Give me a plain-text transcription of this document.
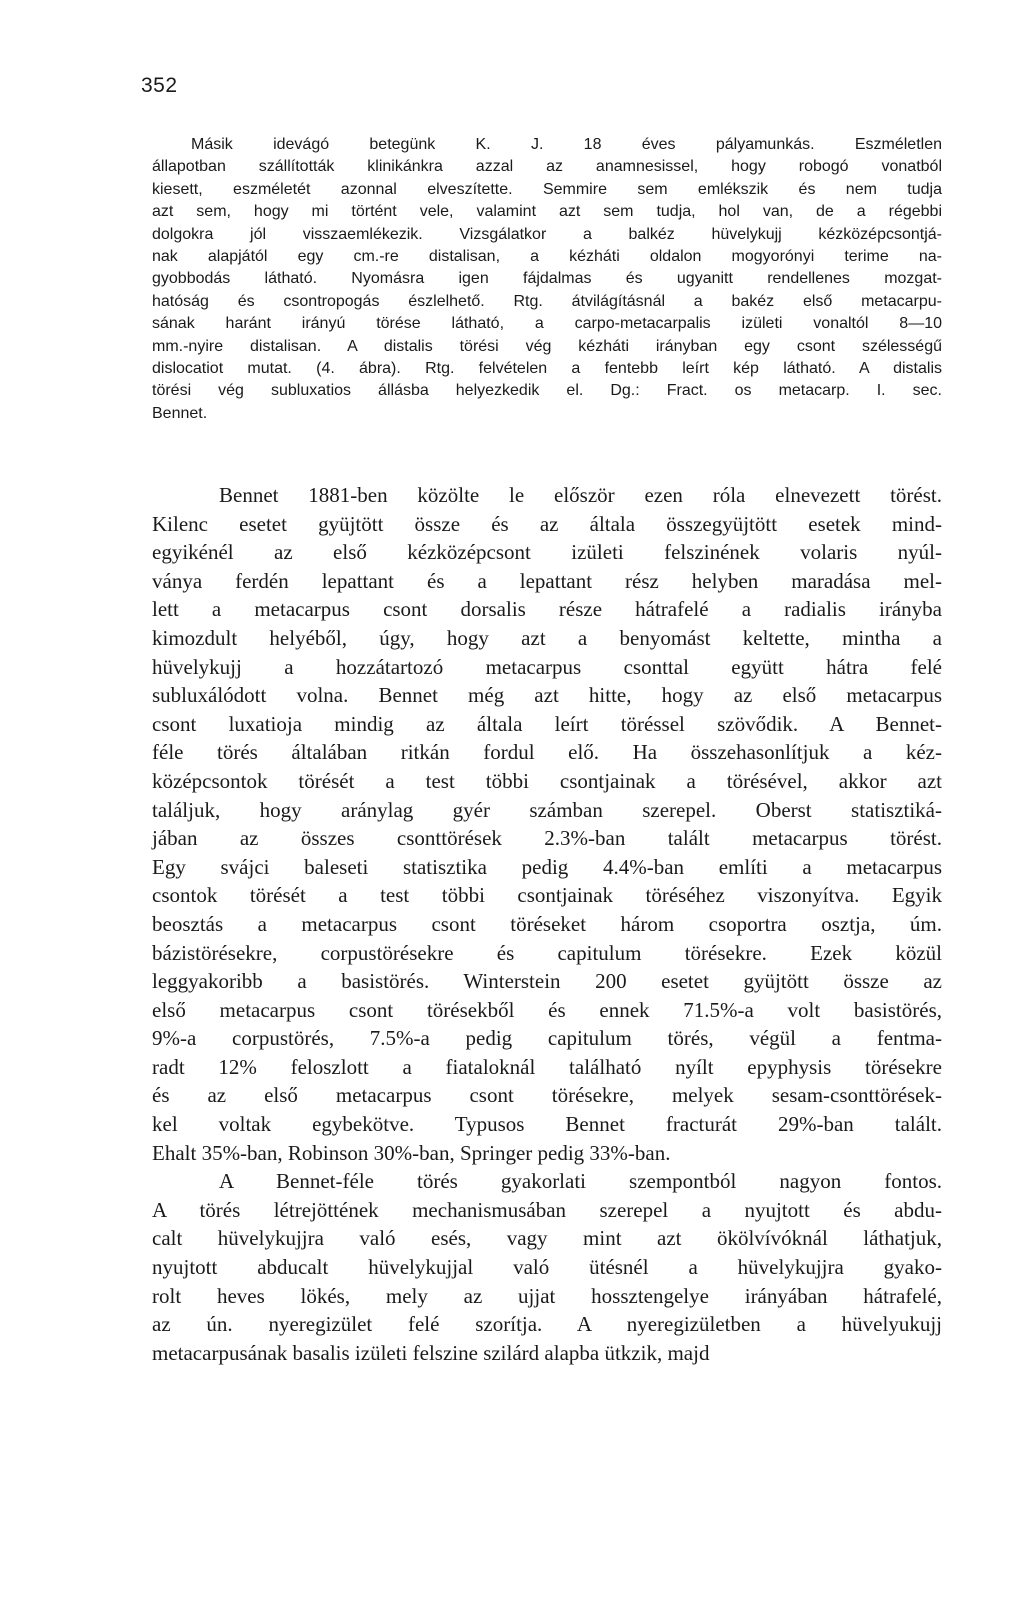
352
Másik idevágó betegünk K. J. 18 éves pályamunkás. Eszméletlen
állapotban szállították klinikánkra azzal az anamnesissel, hogy robogó vonatból
kiesett, eszméletét azonnal elveszítette. Semmire sem emlékszik és nem tudja
azt sem, hogy mi történt vele, valamint azt sem tudja, hol van, de a régebbi
dolgokra jól visszaemlékezik. Vizsgálatkor a balkéz hüvelykujj kézközépcsontjá-
nak alapjától egy cm.-re distalisan, a kézháti oldalon mogyorónyi terime na-
gyobbodás látható. Nyomásra igen fájdalmas és ugyanitt rendellenes mozgat-
hatóság és csontropogás észlelhető. Rtg. átvilágításnál a bakéz első metacarpu-
sának haránt irányú törése látható, a carpo-metacarpalis izületi vonaltól 8—10
mm.-nyire distalisan. A distalis törési vég kézháti irányban egy csont szélességű
dislocatiot mutat. (4. ábra). Rtg. felvételen a fentebb leírt kép látható. A distalis
törési vég subluxatios állásba helyezkedik el. Dg.: Fract. os metacarp. I. sec.
Bennet.
Bennet 1881-ben közölte le először ezen róla elnevezett törést.
Kilenc esetet gyüjtött össze és az általa összegyüjtött esetek mind-
egyikénél az első kézközépcsont izületi felszinének volaris nyúl-
ványa ferdén lepattant és a lepattant rész helyben maradása mel-
lett a metacarpus csont dorsalis része hátrafelé a radialis irányba
kimozdult helyéből, úgy, hogy azt a benyomást keltette, mintha a
hüvelykujj a hozzátartozó metacarpus csonttal együtt hátra felé
subluxálódott volna. Bennet még azt hitte, hogy az első metacarpus
csont luxatioja mindig az általa leírt töréssel szövődik. A Bennet-
féle törés általában ritkán fordul elő. Ha összehasonlítjuk a kéz-
középcsontok törését a test többi csontjainak a törésével, akkor azt
találjuk, hogy aránylag gyér számban szerepel. Oberst statisztiká-
jában az összes csonttörések 2.3%-ban talált metacarpus törést.
Egy svájci baleseti statisztika pedig 4.4%-ban említi a metacarpus
csontok törését a test többi csontjainak töréséhez viszonyítva. Egyik
beosztás a metacarpus csont töréseket három csoportra osztja, úm.
bázistörésekre, corpustörésekre és capitulum törésekre. Ezek közül
leggyakoribb a basistörés. Winterstein 200 esetet gyüjtött össze az
első metacarpus csont törésekből és ennek 71.5%-a volt basistörés,
9%-a corpustörés, 7.5%-a pedig capitulum törés, végül a fentma-
radt 12% feloszlott a fiataloknál található nyílt epyphysis törésekre
és az első metacarpus csont törésekre, melyek sesam-csonttörések-
kel voltak egybekötve. Typusos Bennet fracturát 29%-ban talált.
Ehalt 35%-ban, Robinson 30%-ban, Springer pedig 33%-ban.
A Bennet-féle törés gyakorlati szempontból nagyon fontos.
A törés létrejöttének mechanismusában szerepel a nyujtott és abdu-
calt hüvelykujjra való esés, vagy mint azt ökölvívóknál láthatjuk,
nyujtott abducalt hüvelykujjal való ütésnél a hüvelykujjra gyako-
rolt heves lökés, mely az ujjat hossztengelye irányában hátrafelé,
az ún. nyeregizület felé szorítja. A nyeregizületben a hüvelyukujj
metacarpusának basalis izületi felszine szilárd alapba ütkzik, majd
